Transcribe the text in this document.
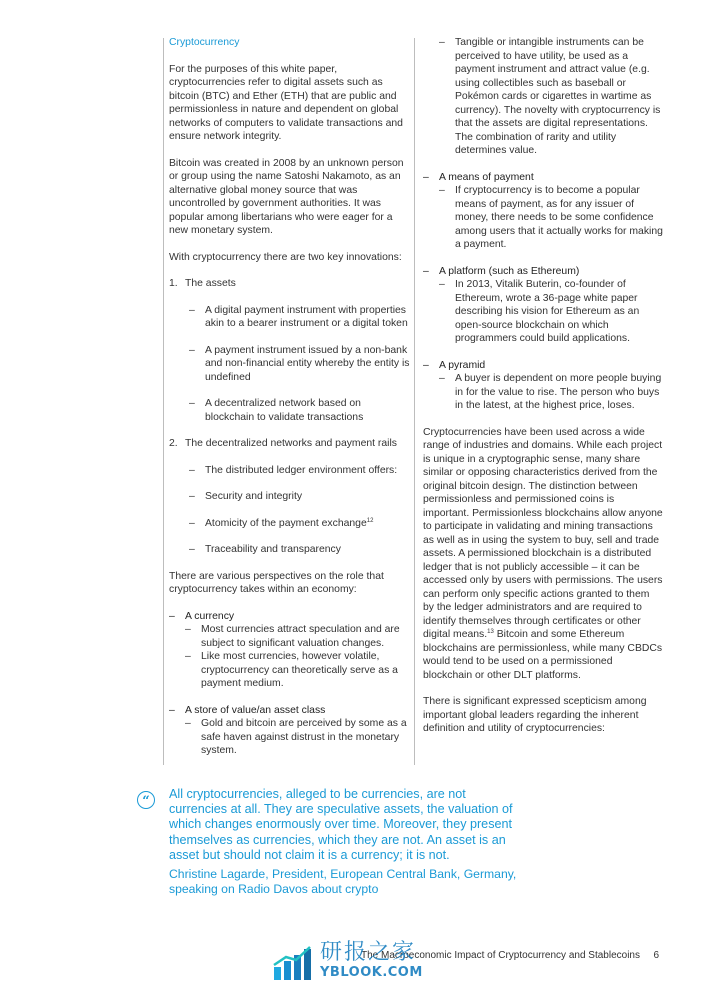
Cryptocurrency

For the purposes of this white paper, cryptocurrencies refer to digital assets such as bitcoin (BTC) and Ether (ETH) that are public and permissionless in nature and dependent on global networks of computers to validate transactions and ensure network integrity.

Bitcoin was created in 2008 by an unknown person or group using the name Satoshi Nakamoto, as an alternative global money source that was uncontrolled by government authorities. It was popular among libertarians who were eager for a new monetary system.

With cryptocurrency there are two key innovations:

1. The assets
– A digital payment instrument with properties akin to a bearer instrument or a digital token
– A payment instrument issued by a non-bank and non-financial entity whereby the entity is undefined
– A decentralized network based on blockchain to validate transactions
2. The decentralized networks and payment rails
– The distributed ledger environment offers:
– Security and integrity
– Atomicity of the payment exchange$^{12}$
– Traceability and transparency

There are various perspectives on the role that cryptocurrency takes within an economy:

– A currency
– Most currencies attract speculation and are subject to significant valuation changes.
– Like most currencies, however volatile, cryptocurrency can theoretically serve as a payment medium.
– A store of value/an asset class
– Gold and bitcoin are perceived by some as a safe haven against distrust in the monetary system.
– Tangible or intangible instruments can be perceived to have utility, be used as a payment instrument and attract value (e.g. using collectibles such as baseball or Pokémon cards or cigarettes in wartime as currency). The novelty with cryptocurrency is that the assets are digital representations. The combination of rarity and utility determines value.
– A means of payment
– If cryptocurrency is to become a popular means of payment, as for any issuer of money, there needs to be some confidence among users that it actually works for making a payment.
– A platform (such as Ethereum)
– In 2013, Vitalik Buterin, co-founder of Ethereum, wrote a 36-page white paper describing his vision for Ethereum as an open-source blockchain on which programmers could build applications.
– A pyramid
– A buyer is dependent on more people buying in for the value to rise. The person who buys in the latest, at the highest price, loses.

Cryptocurrencies have been used across a wide range of industries and domains. While each project is unique in a cryptographic sense, many share similar or opposing characteristics derived from the original bitcoin design. The distinction between permissionless and permissioned coins is important. Permissionless blockchains allow anyone to participate in validating and mining transactions as well as in using the system to buy, sell and trade assets. A permissioned blockchain is a distributed ledger that is not publicly accessible – it can be accessed only by users with permissions. The users can perform only specific actions granted to them by the ledger administrators and are required to identify themselves through certificates or other digital means.$^{13}$ Bitcoin and some Ethereum blockchains are permissionless, while many CBDCs would tend to be used on a permissioned blockchain or other DLT platforms.

There is significant expressed scepticism among important global leaders regarding the inherent definition and utility of cryptocurrencies:

“	All cryptocurrencies, alleged to be currencies, are not currencies at all. They are speculative assets, the valuation of which changes enormously over time. Moreover, they present themselves as currencies, which they are not. An asset is an asset but should not claim it is a currency; it is not.

Christine Lagarde, President, European Central Bank, Germany, speaking on Radio Davos about crypto

The Macroeconomic Impact of Cryptocurrency and Stablecoins 6
研报之家
YBLOOK.COM
